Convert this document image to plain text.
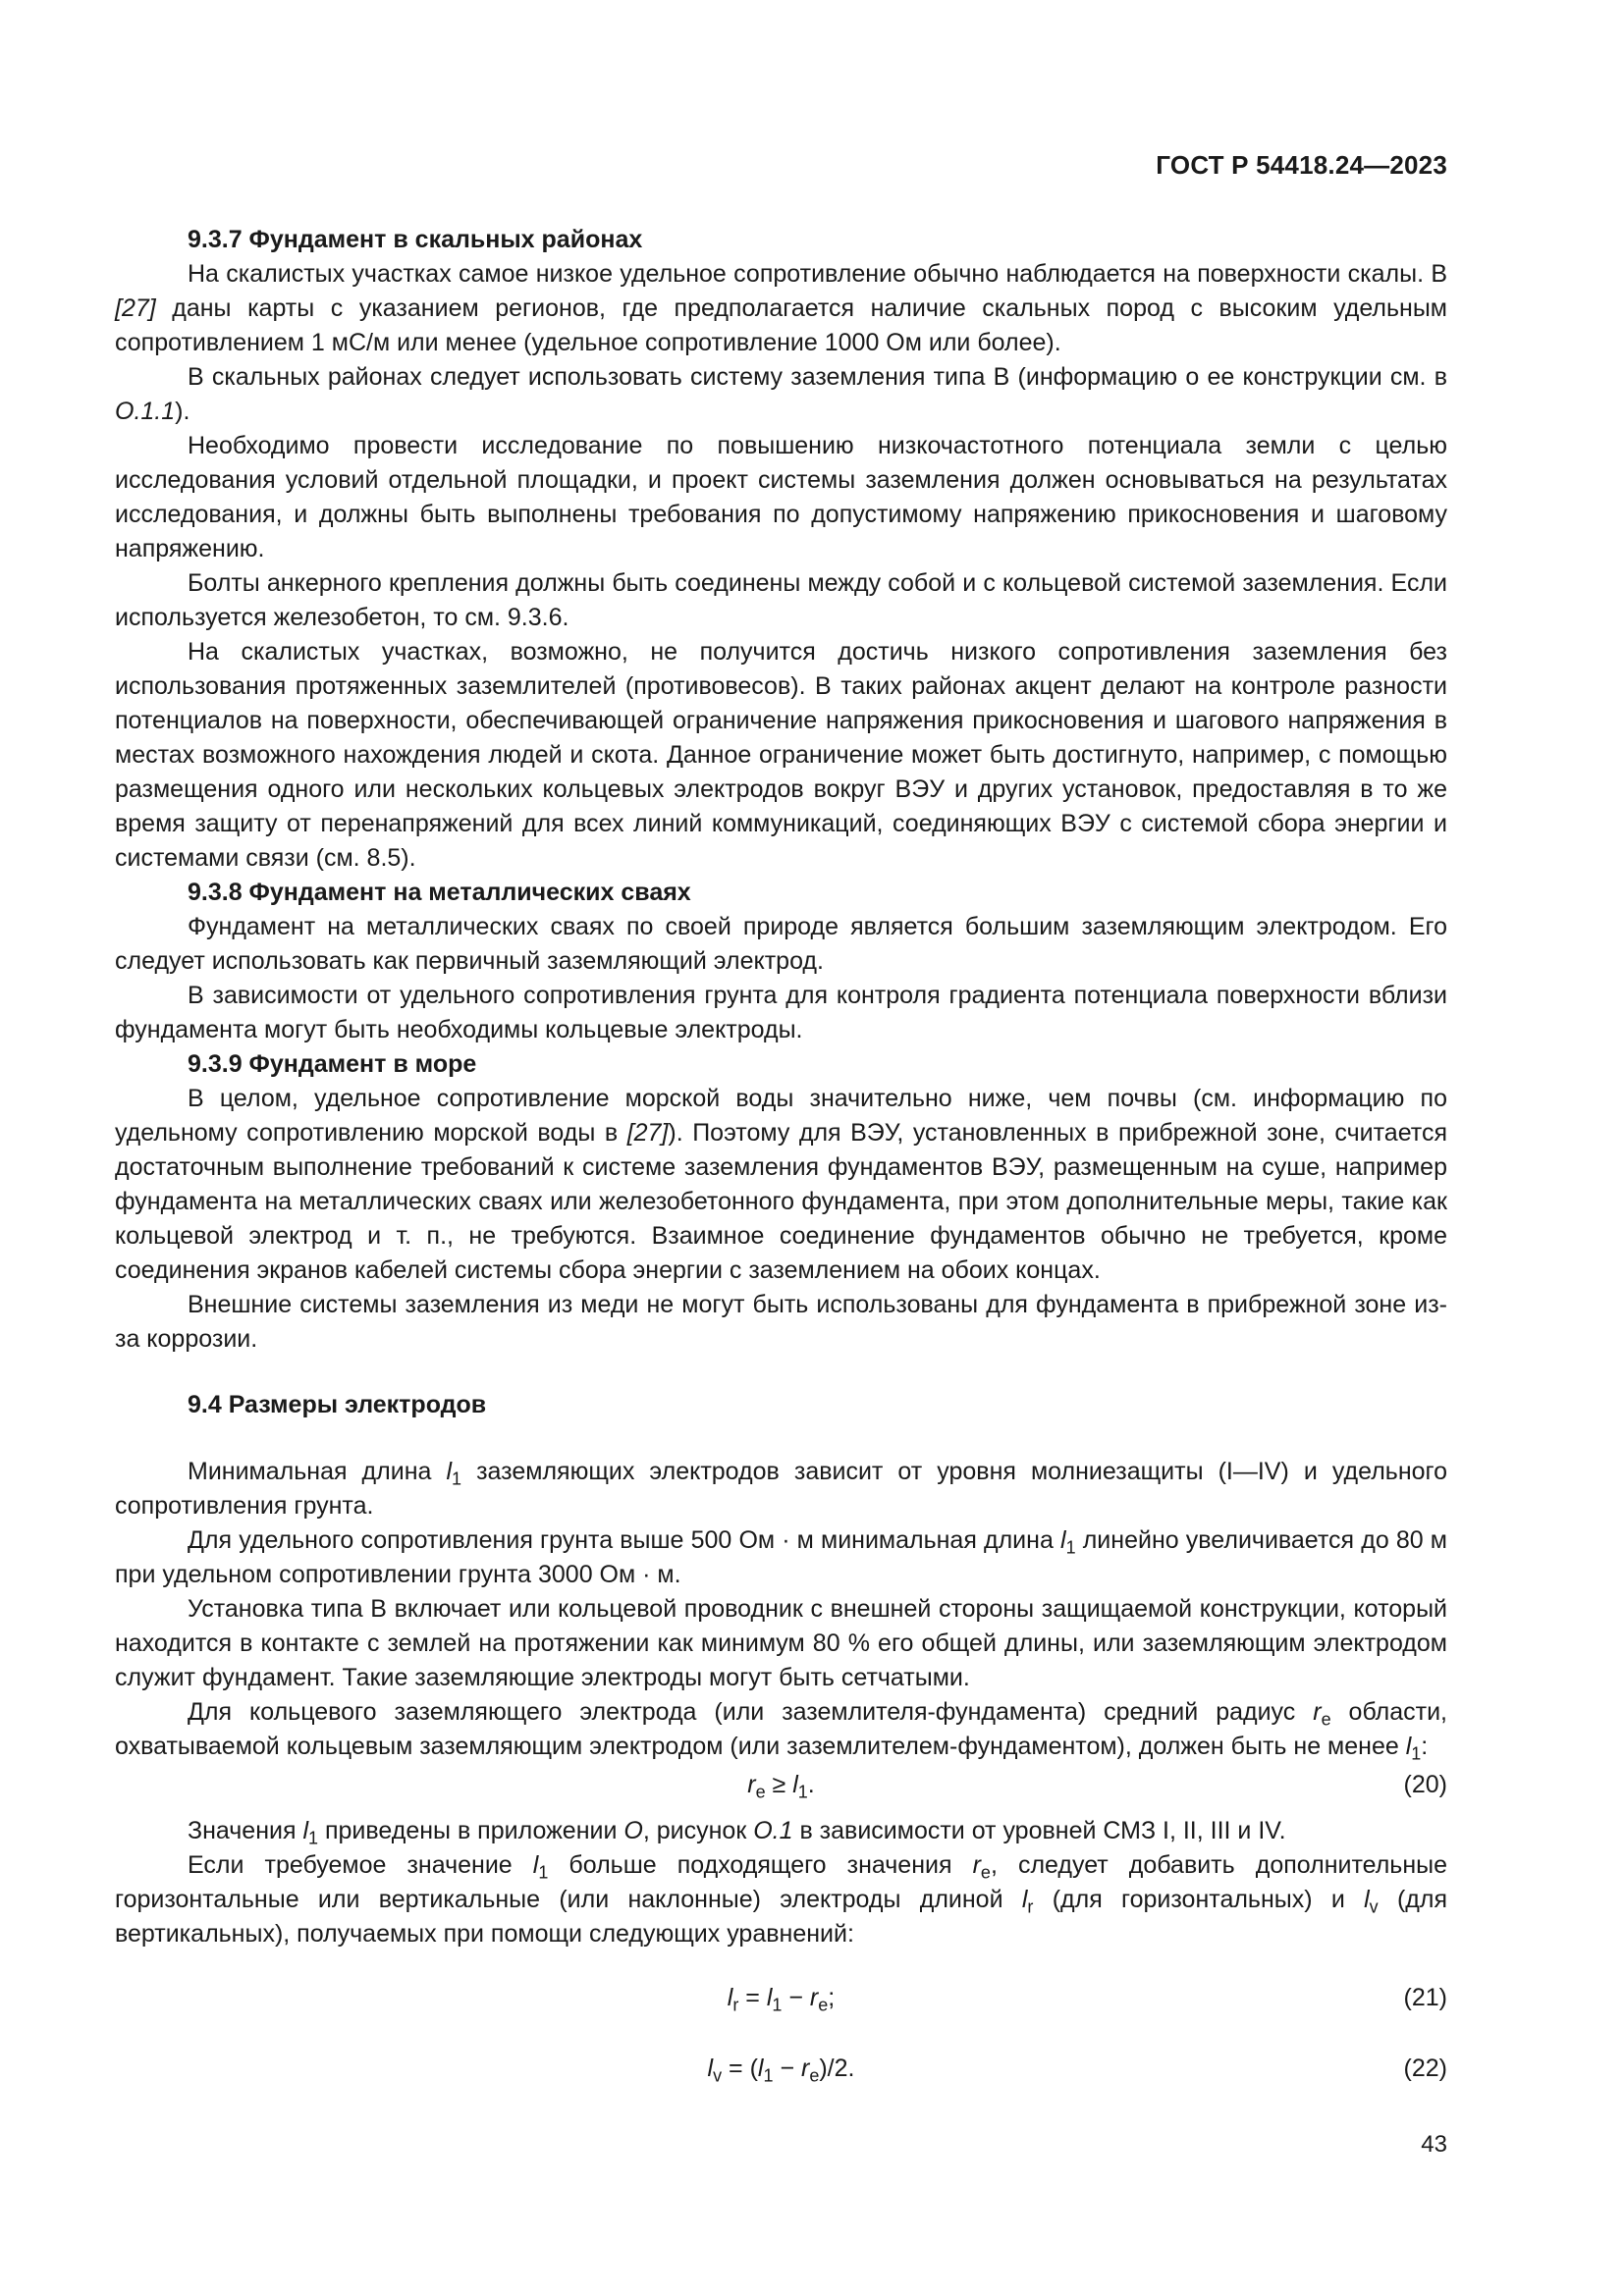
ГОСТ Р 54418.24—2023

9.3.7 Фундамент в скальных районах

На скалистых участках самое низкое удельное сопротивление обычно наблюдается на поверхности скалы. В [27] даны карты с указанием регионов, где предполагается наличие скальных пород с высоким удельным сопротивлением 1 мС/м или менее (удельное сопротивление 1000 Ом или более).

В скальных районах следует использовать систему заземления типа В (информацию о ее конструкции см. в О.1.1).

Необходимо провести исследование по повышению низкочастотного потенциала земли с целью исследования условий отдельной площадки, и проект системы заземления должен основываться на результатах исследования, и должны быть выполнены требования по допустимому напряжению прикосновения и шаговому напряжению.

Болты анкерного крепления должны быть соединены между собой и с кольцевой системой заземления. Если используется железобетон, то см. 9.3.6.

На скалистых участках, возможно, не получится достичь низкого сопротивления заземления без использования протяженных заземлителей (противовесов). В таких районах акцент делают на контроле разности потенциалов на поверхности, обеспечивающей ограничение напряжения прикосновения и шагового напряжения в местах возможного нахождения людей и скота. Данное ограничение может быть достигнуто, например, с помощью размещения одного или нескольких кольцевых электродов вокруг ВЭУ и других установок, предоставляя в то же время защиту от перенапряжений для всех линий коммуникаций, соединяющих ВЭУ с системой сбора энергии и системами связи (см. 8.5).

9.3.8 Фундамент на металлических сваях

Фундамент на металлических сваях по своей природе является большим заземляющим электродом. Его следует использовать как первичный заземляющий электрод.

В зависимости от удельного сопротивления грунта для контроля градиента потенциала поверхности вблизи фундамента могут быть необходимы кольцевые электроды.

9.3.9 Фундамент в море

В целом, удельное сопротивление морской воды значительно ниже, чем почвы (см. информацию по удельному сопротивлению морской воды в [27]). Поэтому для ВЭУ, установленных в прибрежной зоне, считается достаточным выполнение требований к системе заземления фундаментов ВЭУ, размещенным на суше, например фундамента на металлических сваях или железобетонного фундамента, при этом дополнительные меры, такие как кольцевой электрод и т. п., не требуются. Взаимное соединение фундаментов обычно не требуется, кроме соединения экранов кабелей системы сбора энергии с заземлением на обоих концах.

Внешние системы заземления из меди не могут быть использованы для фундамента в прибрежной зоне из-за коррозии.

9.4 Размеры электродов

Минимальная длина $l_1$ заземляющих электродов зависит от уровня молниезащиты (I—IV) и удельного сопротивления грунта.

Для удельного сопротивления грунта выше 500 Ом · м минимальная длина $l_1$ линейно увеличивается до 80 м при удельном сопротивлении грунта 3000 Ом · м.

Установка типа В включает или кольцевой проводник с внешней стороны защищаемой конструкции, который находится в контакте с землей на протяжении как минимум 80 % его общей длины, или заземляющим электродом служит фундамент. Такие заземляющие электроды могут быть сетчатыми.

Для кольцевого заземляющего электрода (или заземлителя-фундамента) средний радиус $r_e$ области, охватываемой кольцевым заземляющим электродом (или заземлителем-фундаментом), должен быть не менее $l_1$:

$r_e \ge l_1$.	(20)

Значения $l_1$ приведены в приложении О, рисунок О.1 в зависимости от уровней СМЗ I, II, III и IV.

Если требуемое значение $l_1$ больше подходящего значения $r_e$, следует добавить дополнительные горизонтальные или вертикальные (или наклонные) электроды длиной $l_r$ (для горизонтальных) и $l_v$ (для вертикальных), получаемых при помощи следующих уравнений:

$l_r = l_1 - r_e$;	(21)
$l_v = (l_1 - r_e)/2$.	(22)
43
